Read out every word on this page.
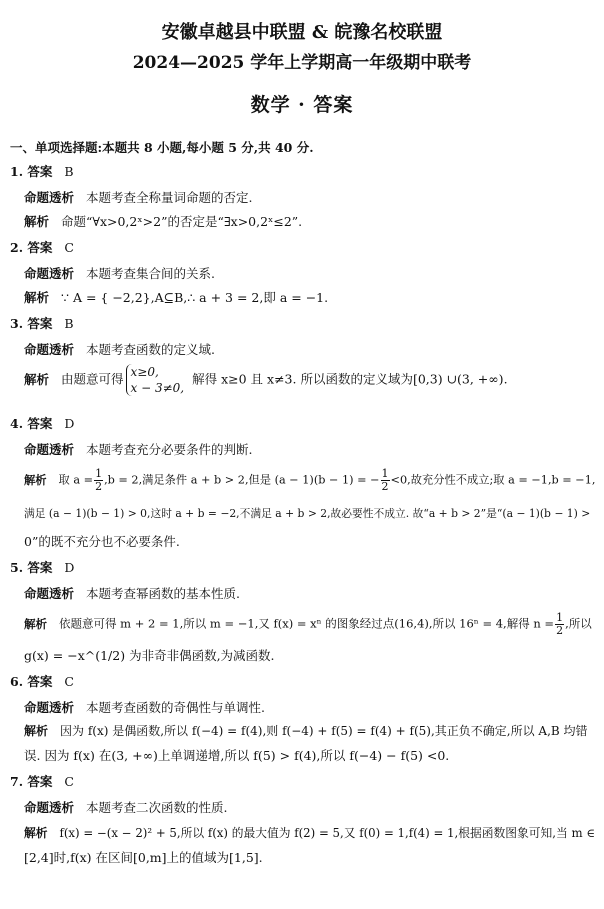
安徽卓越县中联盟 & 皖豫名校联盟
2024—2025 学年上学期高一年级期中联考
数学 · 答案
一、单项选择题:本题共 8 小题,每小题 5 分,共 40 分.
1. 答案 B
命题透析 本题考查全称量词命题的否定.
解析 命题“∀x>0,2ˣ>2”的否定是“∃x>0,2ˣ≤2”.
2. 答案 C
命题透析 本题考查集合间的关系.
解析 ∵ A = { −2,2},A⊆B,∴ a + 3 = 2,即 a = −1.
3. 答案 B
命题透析 本题考查函数的定义域.
解析 由题意可得 x≥0,
x − 3≠0,
解得 x≥0 且 x≠3. 所以函数的定义域为[0,3) ∪(3, +∞).
4. 答案 D
命题透析 本题考查充分必要条件的判断.
解析 取 $a = \frac{1}{2} ,b = 2$,满足条件 a + b > 2,但是 (a − 1)(b − 1) = − $\frac{1}{2} <0$,故充分性不成立;取 a = −1,b = −1,
满足 (a − 1)(b − 1) > 0,这时 a + b = −2,不满足 a + b > 2,故必要性不成立. 故“a + b > 2”是“(a − 1)(b − 1) >
0”的既不充分也不必要条件.
5. 答案 D
命题透析 本题考查幂函数的基本性质.
解析 依题意可得 m + 2 = 1,所以 m = −1,又 f(x) = xⁿ 的图象经过点(16,4),所以 16ⁿ = 4,解得 $n = \frac{1}{2}$ ,所以
g(x) = −x^(1/2) 为非奇非偶函数,为减函数.
6. 答案 C
命题透析 本题考查函数的奇偶性与单调性.
解析 因为 f(x) 是偶函数,所以 f(−4) = f(4),则 f(−4) + f(5) = f(4) + f(5),其正负不确定,所以 A,B 均错
误. 因为 f(x) 在(3, +∞)上单调递增,所以 f(5) > f(4),所以 f(−4) − f(5) <0.
7. 答案 C
命题透析 本题考查二次函数的性质.
解析 f(x) = −(x − 2)² + 5,所以 f(x) 的最大值为 f(2) = 5,又 f(0) = 1,f(4) = 1,根据函数图象可知,当 m ∈
[2,4]时,f(x) 在区间[0,m]上的值域为[1,5].
